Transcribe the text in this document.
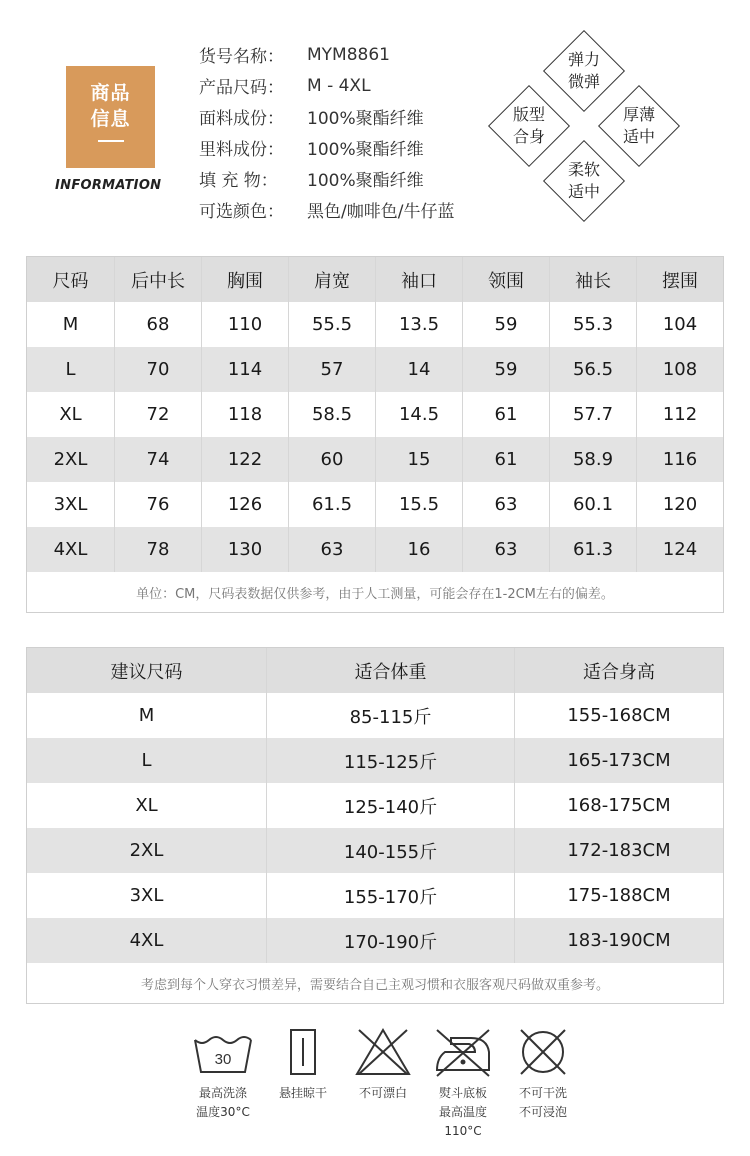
商品
信息
INFORMATION
货号名称：	MYM8861
产品尺码：	M - 4XL
面料成份：	100%聚酯纤维
里料成份：	100%聚酯纤维
填 充 物：	100%聚酯纤维
可选颜色：	黑色/咖啡色/牛仔蓝
弹力
微弹
版型
合身
厚薄
适中
柔软
适中
尺码	后中长	胸围	肩宽	袖口	领围	袖长	摆围
M	68	110	55.5	13.5	59	55.3	104
L	70	114	57	14	59	56.5	108
XL	72	118	58.5	14.5	61	57.7	112
2XL	74	122	60	15	61	58.9	116
3XL	76	126	61.5	15.5	63	60.1	120
4XL	78	130	63	16	63	61.3	124
单位：CM，尺码表数据仅供参考，由于人工测量，可能会存在1-2CM左右的偏差。
建议尺码	适合体重	适合身高
M	85-115斤	155-168CM
L	115-125斤	165-173CM
XL	125-140斤	168-175CM
2XL	140-155斤	172-183CM
3XL	155-170斤	175-188CM
4XL	170-190斤	183-190CM
考虑到每个人穿衣习惯差异，需要结合自己主观习惯和衣服客观尺码做双重参考。
30
最高洗涤
温度30°C
悬挂晾干	不可漂白	熨斗底板
最高温度
110°C
不可干洗
不可浸泡
